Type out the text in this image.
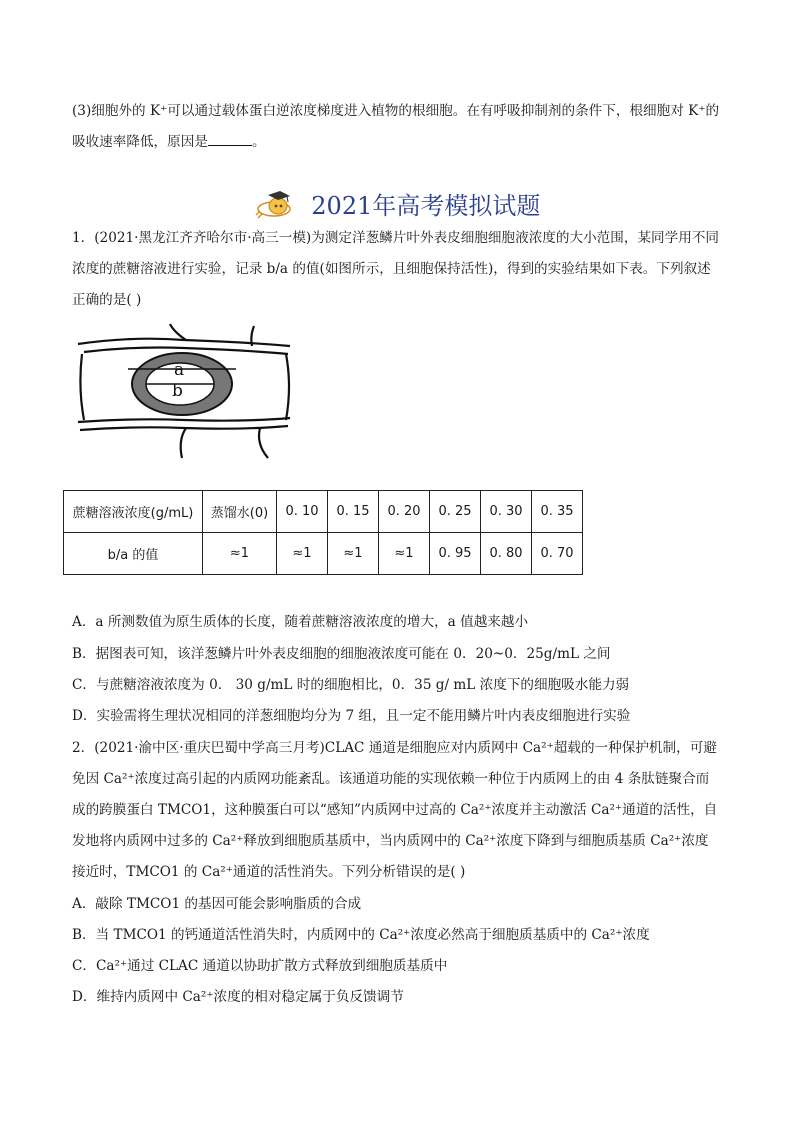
(3)细胞外的 K⁺可以通过载体蛋白逆浓度梯度进入植物的根细胞。在有呼吸抑制剂的条件下，根细胞对 K⁺的
吸收速率降低，原因是	。
2021年高考模拟试题
1．(2021·黑龙江齐齐哈尔市·高三一模)为测定洋葱鳞片叶外表皮细胞细胞液浓度的大小范围，某同学用不同
浓度的蔗糖溶液进行实验，记录 b/a 的值(如图所示，且细胞保持活性)，得到的实验结果如下表。下列叙述
正确的是( )
a
b
蔗糖溶液浓度(g/mL)	蒸馏水(0)	0. 10	0. 15	0. 20	0. 25	0. 30	0. 35
b/a 的值	≈1	≈1	≈1	≈1	0. 95	0. 80	0. 70
A．a 所测数值为原生质体的长度，随着蔗糖溶液浓度的增大，a 值越来越小
B．据图表可知，该洋葱鳞片叶外表皮细胞的细胞液浓度可能在 0．20~0．25g/mL 之间
C．与蔗糖溶液浓度为 0． 30 g/mL 时的细胞相比，0．35 g/ mL 浓度下的细胞吸水能力弱
D．实验需将生理状况相同的洋葱细胞均分为 7 组，且一定不能用鳞片叶内表皮细胞进行实验
2．(2021·渝中区·重庆巴蜀中学高三月考)CLAC 通道是细胞应对内质网中 Ca²⁺超载的一种保护机制，可避
免因 Ca²⁺浓度过高引起的内质网功能紊乱。该通道功能的实现依赖一种位于内质网上的由 4 条肽链聚合而
成的跨膜蛋白 TMCO1，这种膜蛋白可以“感知”内质网中过高的 Ca²⁺浓度并主动激活 Ca²⁺通道的活性，自
发地将内质网中过多的 Ca²⁺释放到细胞质基质中，当内质网中的 Ca²⁺浓度下降到与细胞质基质 Ca²⁺浓度
接近时，TMCO1 的 Ca²⁺通道的活性消失。下列分析错误的是( )
A．敲除 TMCO1 的基因可能会影响脂质的合成
B．当 TMCO1 的钙通道活性消失时，内质网中的 Ca²⁺浓度必然高于细胞质基质中的 Ca²⁺浓度
C．Ca²⁺通过 CLAC 通道以协助扩散方式释放到细胞质基质中
D．维持内质网中 Ca²⁺浓度的相对稳定属于负反馈调节
